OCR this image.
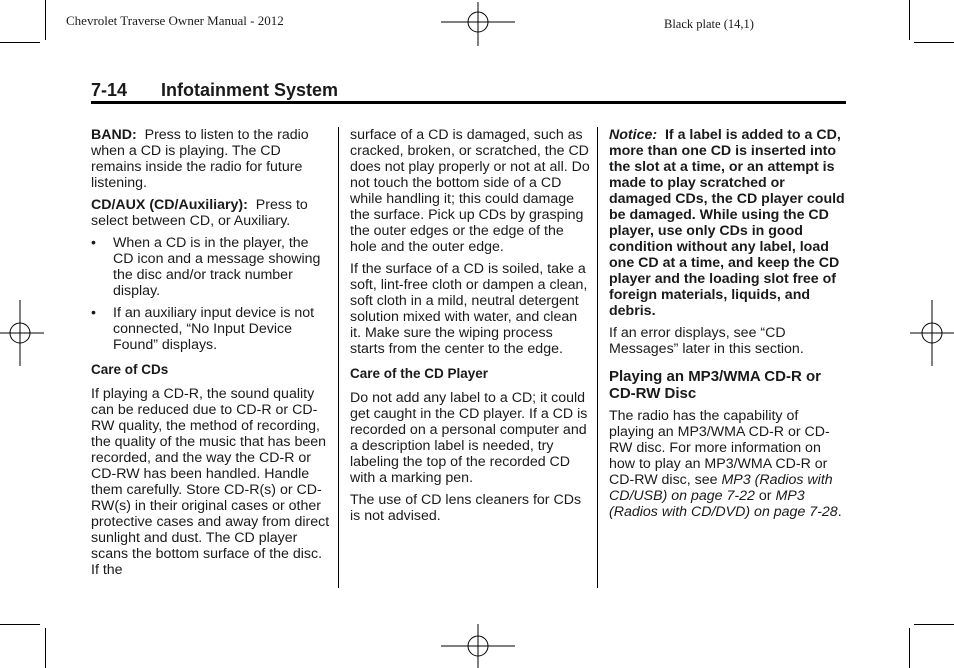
Chevrolet Traverse Owner Manual - 2012	Black plate (14,1)
7-14 Infotainment System

BAND: Press to listen to the radio when a CD is playing. The CD remains inside the radio for future listening.

CD/AUX (CD/Auxiliary): Press to select between CD, or Auxiliary.

• When a CD is in the player, the CD icon and a message showing the disc and/or track number display.
• If an auxiliary input device is not connected, “No Input Device Found” displays.

Care of CDs

If playing a CD-R, the sound quality can be reduced due to CD-R or CD-RW quality, the method of recording, the quality of the music that has been recorded, and the way the CD-R or CD-RW has been handled. Handle them carefully. Store CD-R(s) or CD-RW(s) in their original cases or other protective cases and away from direct sunlight and dust. The CD player scans the bottom surface of the disc. If the

surface of a CD is damaged, such as cracked, broken, or scratched, the CD does not play properly or not at all. Do not touch the bottom side of a CD while handling it; this could damage the surface. Pick up CDs by grasping the outer edges or the edge of the hole and the outer edge.

If the surface of a CD is soiled, take a soft, lint-free cloth or dampen a clean, soft cloth in a mild, neutral detergent solution mixed with water, and clean it. Make sure the wiping process starts from the center to the edge.

Care of the CD Player

Do not add any label to a CD; it could get caught in the CD player. If a CD is recorded on a personal computer and a description label is needed, try labeling the top of the recorded CD with a marking pen.

The use of CD lens cleaners for CDs is not advised.

Notice: If a label is added to a CD, more than one CD is inserted into the slot at a time, or an attempt is made to play scratched or damaged CDs, the CD player could be damaged. While using the CD player, use only CDs in good condition without any label, load one CD at a time, and keep the CD player and the loading slot free of foreign materials, liquids, and debris.

If an error displays, see “CD Messages” later in this section.

Playing an MP3/WMA CD-R or CD-RW Disc

The radio has the capability of playing an MP3/WMA CD-R or CD-RW disc. For more information on how to play an MP3/WMA CD-R or CD-RW disc, see MP3 (Radios with CD/USB) on page 7-22 or MP3 (Radios with CD/DVD) on page 7-28.
